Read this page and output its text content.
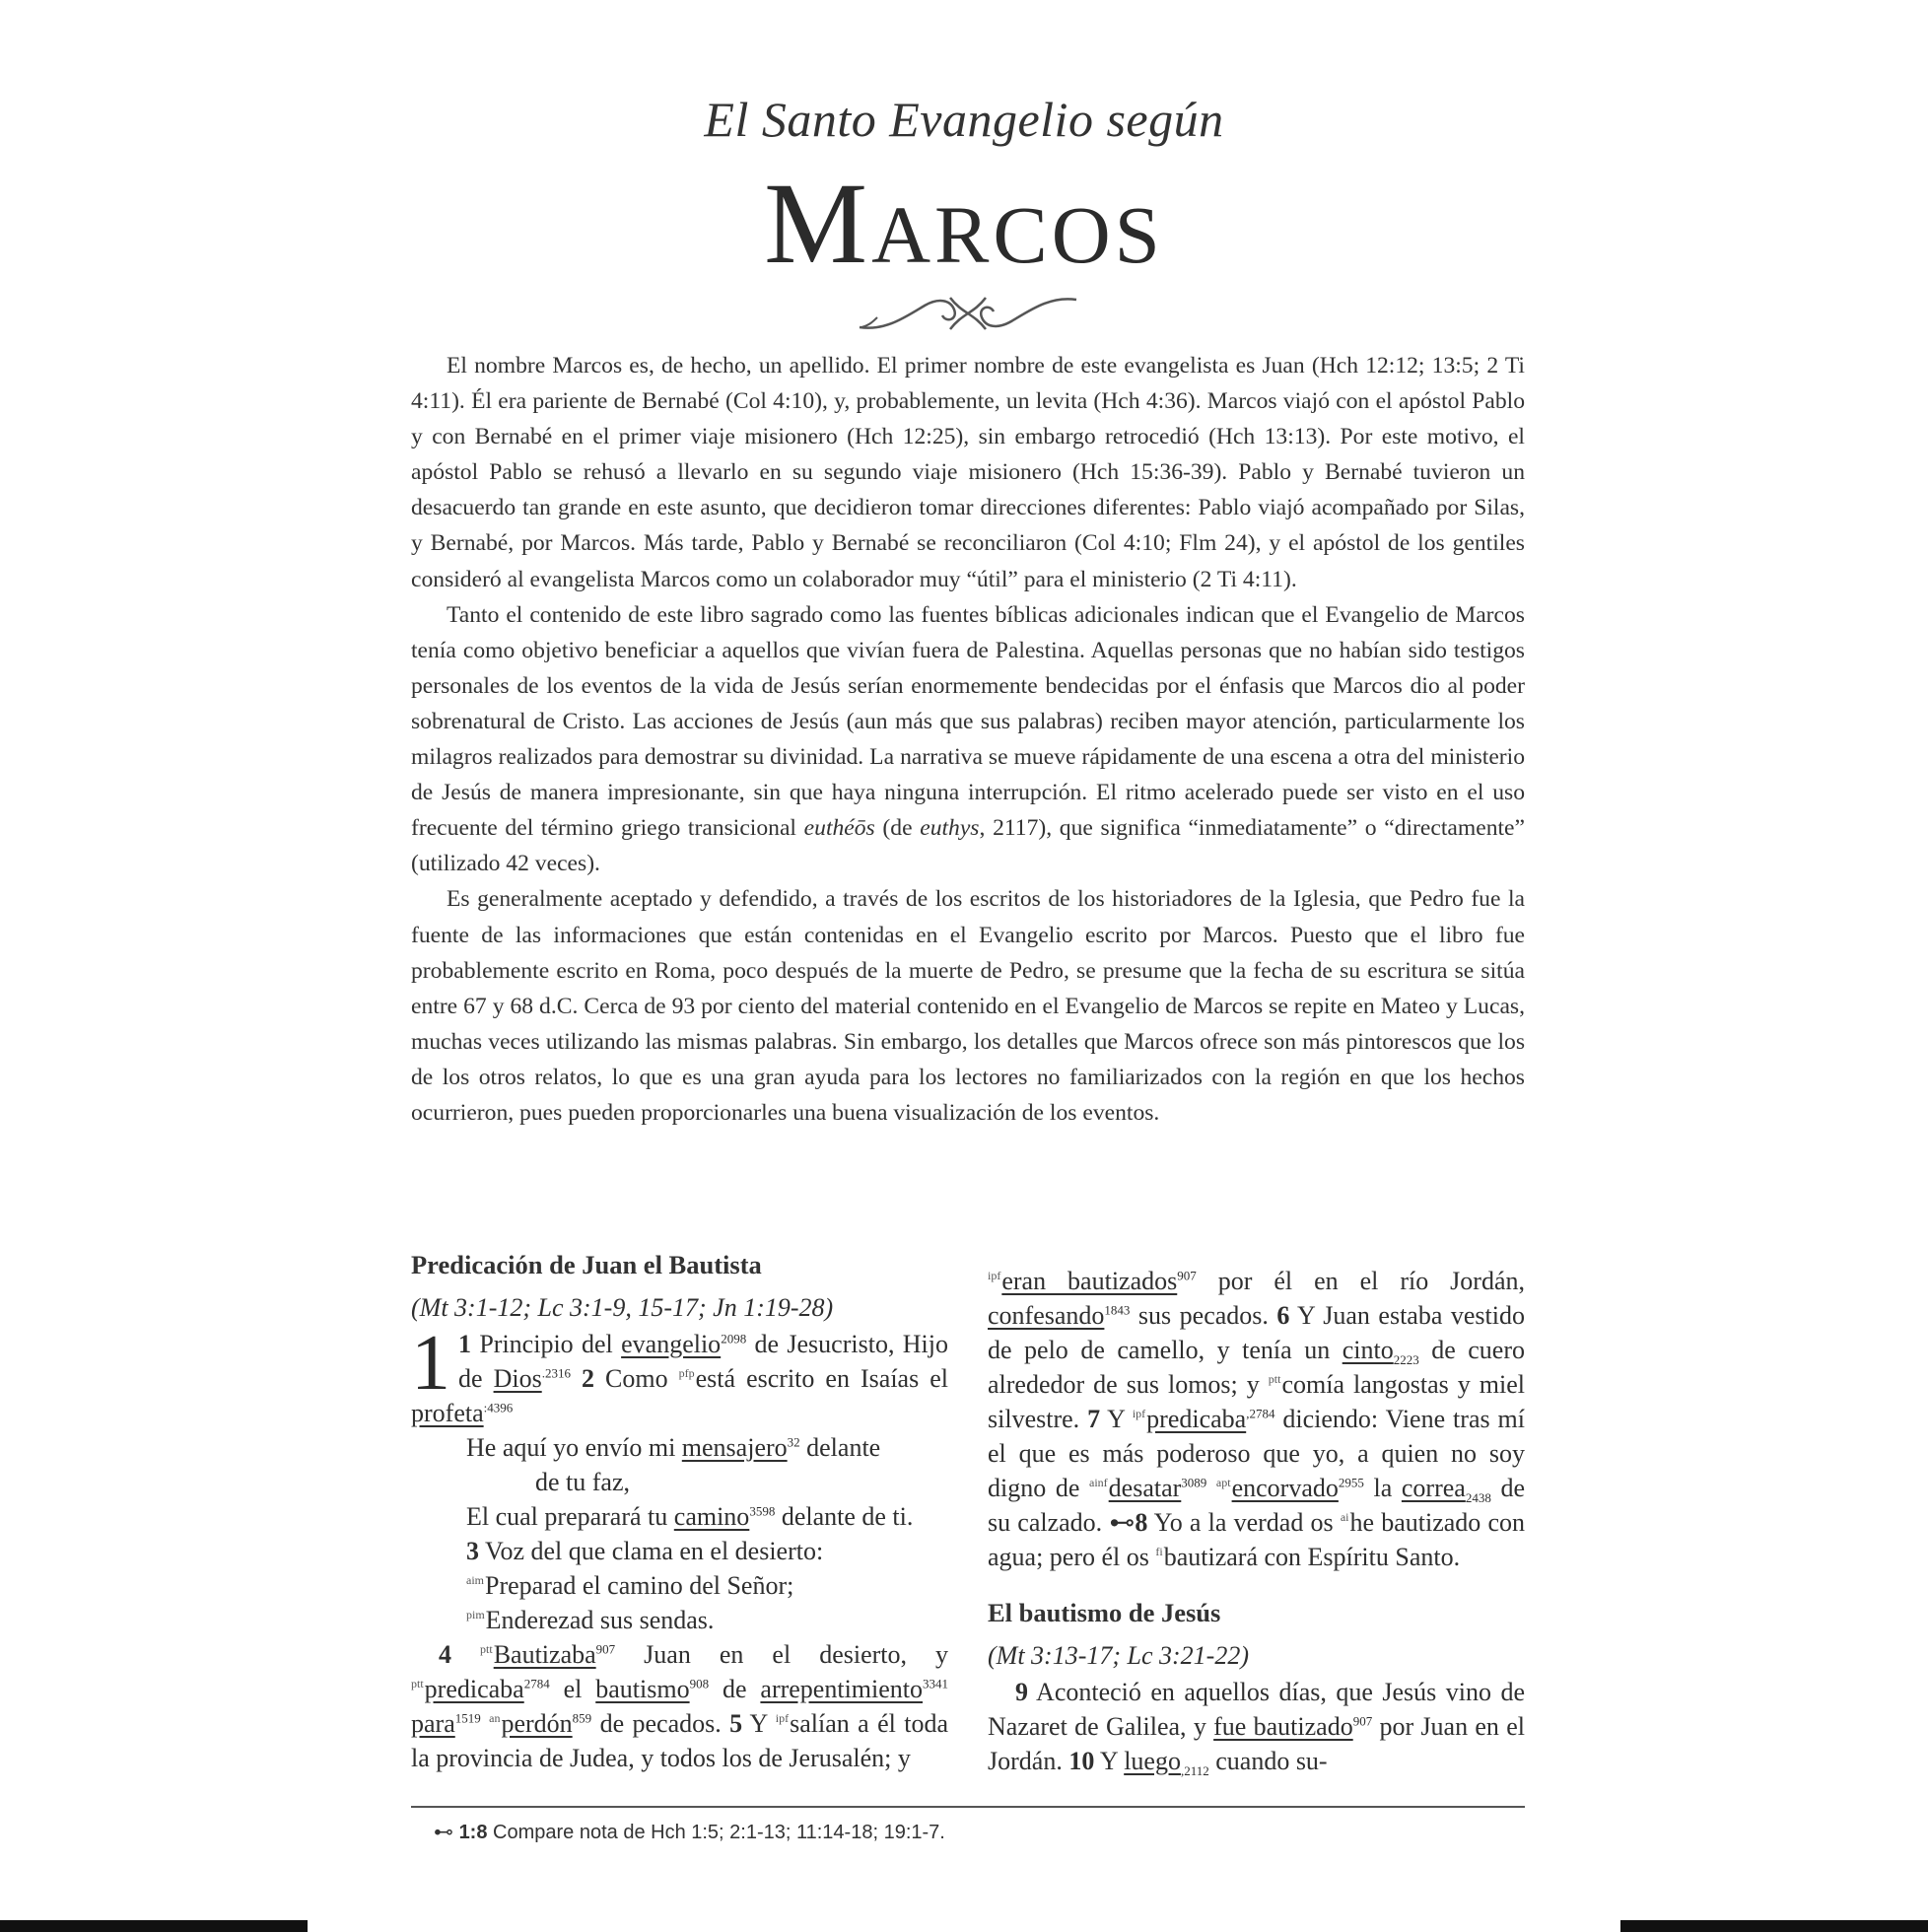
El Santo Evangelio según
Marcos

El nombre Marcos es, de hecho, un apellido. El primer nombre de este evangelista es Juan (Hch 12:12; 13:5; 2 Ti 4:11). Él era pariente de Bernabé (Col 4:10), y, probablemente, un levita (Hch 4:36). Marcos viajó con el apóstol Pablo y con Bernabé en el primer viaje misionero (Hch 12:25), sin embargo retrocedió (Hch 13:13). Por este motivo, el apóstol Pablo se rehusó a llevarlo en su segundo viaje misionero (Hch 15:36-39). Pablo y Bernabé tuvieron un desacuerdo tan grande en este asunto, que decidieron tomar direcciones diferentes: Pablo viajó acompañado por Silas, y Bernabé, por Marcos. Más tarde, Pablo y Bernabé se reconciliaron (Col 4:10; Flm 24), y el apóstol de los gentiles consideró al evangelista Marcos como un colaborador muy “útil” para el ministerio (2 Ti 4:11).

Tanto el contenido de este libro sagrado como las fuentes bíblicas adicionales indican que el Evangelio de Marcos tenía como objetivo beneficiar a aquellos que vivían fuera de Palestina. Aquellas personas que no habían sido testigos personales de los eventos de la vida de Jesús serían enormemente bendecidas por el énfasis que Marcos dio al poder sobrenatural de Cristo. Las acciones de Jesús (aun más que sus palabras) reciben mayor atención, particularmente los milagros realizados para demostrar su divinidad. La narrativa se mueve rápidamente de una escena a otra del ministerio de Jesús de manera impresionante, sin que haya ninguna interrupción. El ritmo acelerado puede ser visto en el uso frecuente del término griego transicional euthéōs (de euthys, 2117), que significa “inmediatamente” o “directamente” (utilizado 42 veces).

Es generalmente aceptado y defendido, a través de los escritos de los historiadores de la Iglesia, que Pedro fue la fuente de las informaciones que están contenidas en el Evangelio escrito por Marcos. Puesto que el libro fue probablemente escrito en Roma, poco después de la muerte de Pedro, se presume que la fecha de su escritura se sitúa entre 67 y 68 d.C. Cerca de 93 por ciento del material contenido en el Evangelio de Marcos se repite en Mateo y Lucas, muchas veces utilizando las mismas palabras. Sin embargo, los detalles que Marcos ofrece son más pintorescos que los de los otros relatos, lo que es una gran ayuda para los lectores no familiarizados con la región en que los hechos ocurrieron, pues pueden proporcionarles una buena visualización de los eventos.

Predicación de Juan el Bautista
(Mt 3:1-12; Lc 3:1-9, 15-17; Jn 1:19-28)

1 1 Principio del evangelio$^{2098}$ de Jesucristo, Hijo de Dios$^{.2316}$ 2 Como $^{pfp}$está escrito en Isaías el profeta$^{:4396}$

He aquí yo envío mi mensajero$^{32}$ delante

de tu faz,

El cual preparará tu camino$^{3598}$ delante de ti.

3 Voz del que clama en el desierto:

$^{aim}$Preparad el camino del Señor;

$^{pim}$Enderezad sus sendas.

4 $^{ptt}$Bautizaba$^{907}$ Juan en el desierto, y $^{ptt}$predicaba$^{2784}$ el bautismo$^{908}$ de arrepentimiento$^{3341}$ para$^{1519}$ $^{an}$perdón$^{859}$ de pecados. 5 Y $^{ipf}$salían a él toda la provincia de Judea, y todos los de Jerusalén; y

$^{ipf}$eran bautizados$^{907}$ por él en el río Jordán, confesando$^{1843}$ sus pecados. 6 Y Juan estaba vestido de pelo de camello, y tenía un cinto$_{2223}$ de cuero alrededor de sus lomos; y $^{ptt}$comía langostas y miel silvestre. 7 Y $^{ipf}$predicaba$^{,2784}$ diciendo: Viene tras mí el que es más poderoso que yo, a quien no soy digno de $^{ainf}$desatar$^{3089}$ $^{apt}$encorvado$^{2955}$ la correa$_{2438}$ de su calzado. ⊷8 Yo a la verdad os $^{ai}$he bautizado con agua; pero él os $^{fi}$bautizará con Espíritu Santo.

El bautismo de Jesús
(Mt 3:13-17; Lc 3:21-22)

9 Aconteció en aquellos días, que Jesús vino de Nazaret de Galilea, y fue bautizado$^{907}$ por Juan en el Jordán. 10 Y luego$_{,2112}$ cuando su-

⊷ 1:8 Compare nota de Hch 1:5; 2:1-13; 11:14-18; 19:1-7.
